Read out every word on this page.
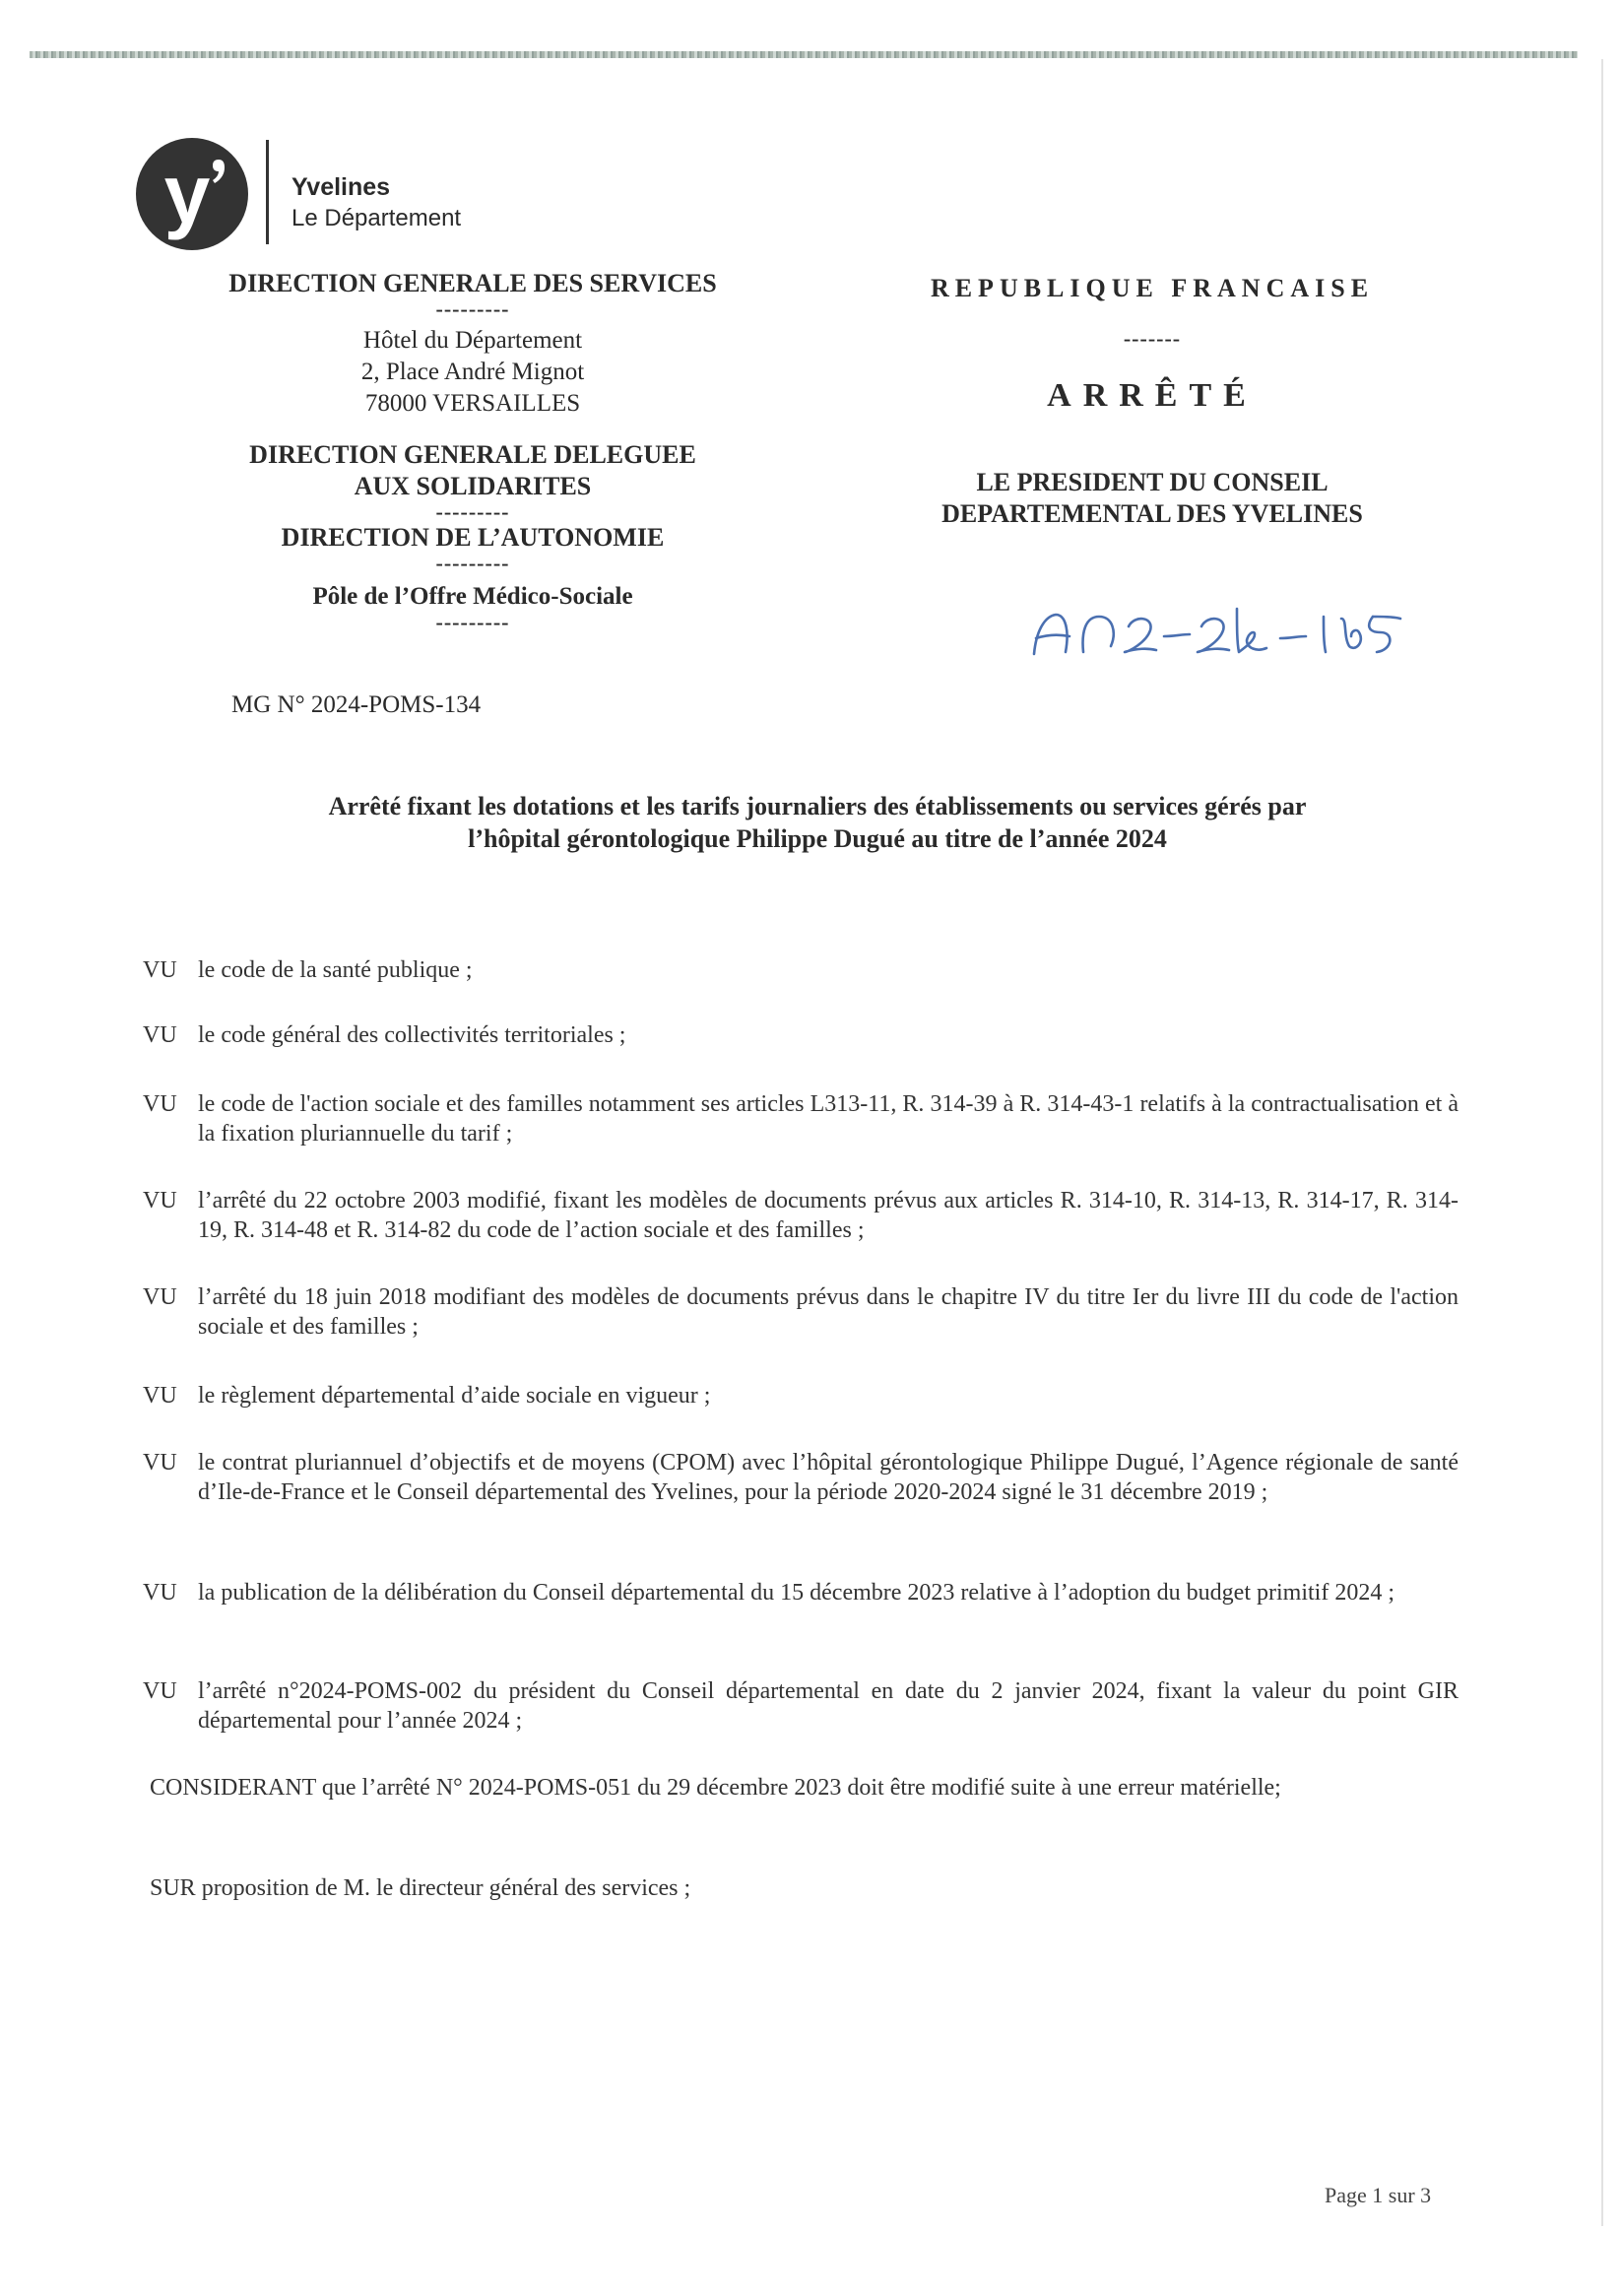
y	Yvelines
Le Département
DIRECTION GENERALE DES SERVICES
---------
Hôtel du Département
2, Place André Mignot
78000 VERSAILLES
DIRECTION GENERALE DELEGUEE
AUX SOLIDARITES
---------
DIRECTION DE L’AUTONOMIE
---------
Pôle de l’Offre Médico-Sociale
---------
MG N° 2024-POMS-134
REPUBLIQUE FRANCAISE
-------
ARRÊTÉ
LE PRESIDENT DU CONSEIL
DEPARTEMENTAL DES YVELINES
Arrêté fixant les dotations et les tarifs journaliers des établissements ou services gérés par
l’hôpital gérontologique Philippe Dugué au titre de l’année 2024
VU le code de la santé publique ;
VU le code général des collectivités territoriales ;
VU le code de l'action sociale et des familles notamment ses articles L313-11, R. 314-39 à R. 314-43-1 relatifs à la contractualisation et à la fixation pluriannuelle du tarif ;
VU l’arrêté du 22 octobre 2003 modifié, fixant les modèles de documents prévus aux articles R. 314-10, R. 314-13, R. 314-17, R. 314-19, R. 314-48 et R. 314-82 du code de l’action sociale et des familles ;
VU l’arrêté du 18 juin 2018 modifiant des modèles de documents prévus dans le chapitre IV du titre Ier du livre III du code de l'action sociale et des familles ;
VU le règlement départemental d’aide sociale en vigueur ;
VU le contrat pluriannuel d’objectifs et de moyens (CPOM) avec l’hôpital gérontologique Philippe Dugué, l’Agence régionale de santé d’Ile-de-France et le Conseil départemental des Yvelines, pour la période 2020-2024 signé le 31 décembre 2019 ;
VU la publication de la délibération du Conseil départemental du 15 décembre 2023 relative à l’adoption du budget primitif 2024 ;
VU l’arrêté n°2024-POMS-002 du président du Conseil départemental en date du 2 janvier 2024, fixant la valeur du point GIR départemental pour l’année 2024 ;
CONSIDERANT que l’arrêté N° 2024-POMS-051 du 29 décembre 2023 doit être modifié suite à une erreur matérielle;
SUR proposition de M. le directeur général des services ;
Page 1 sur 3
